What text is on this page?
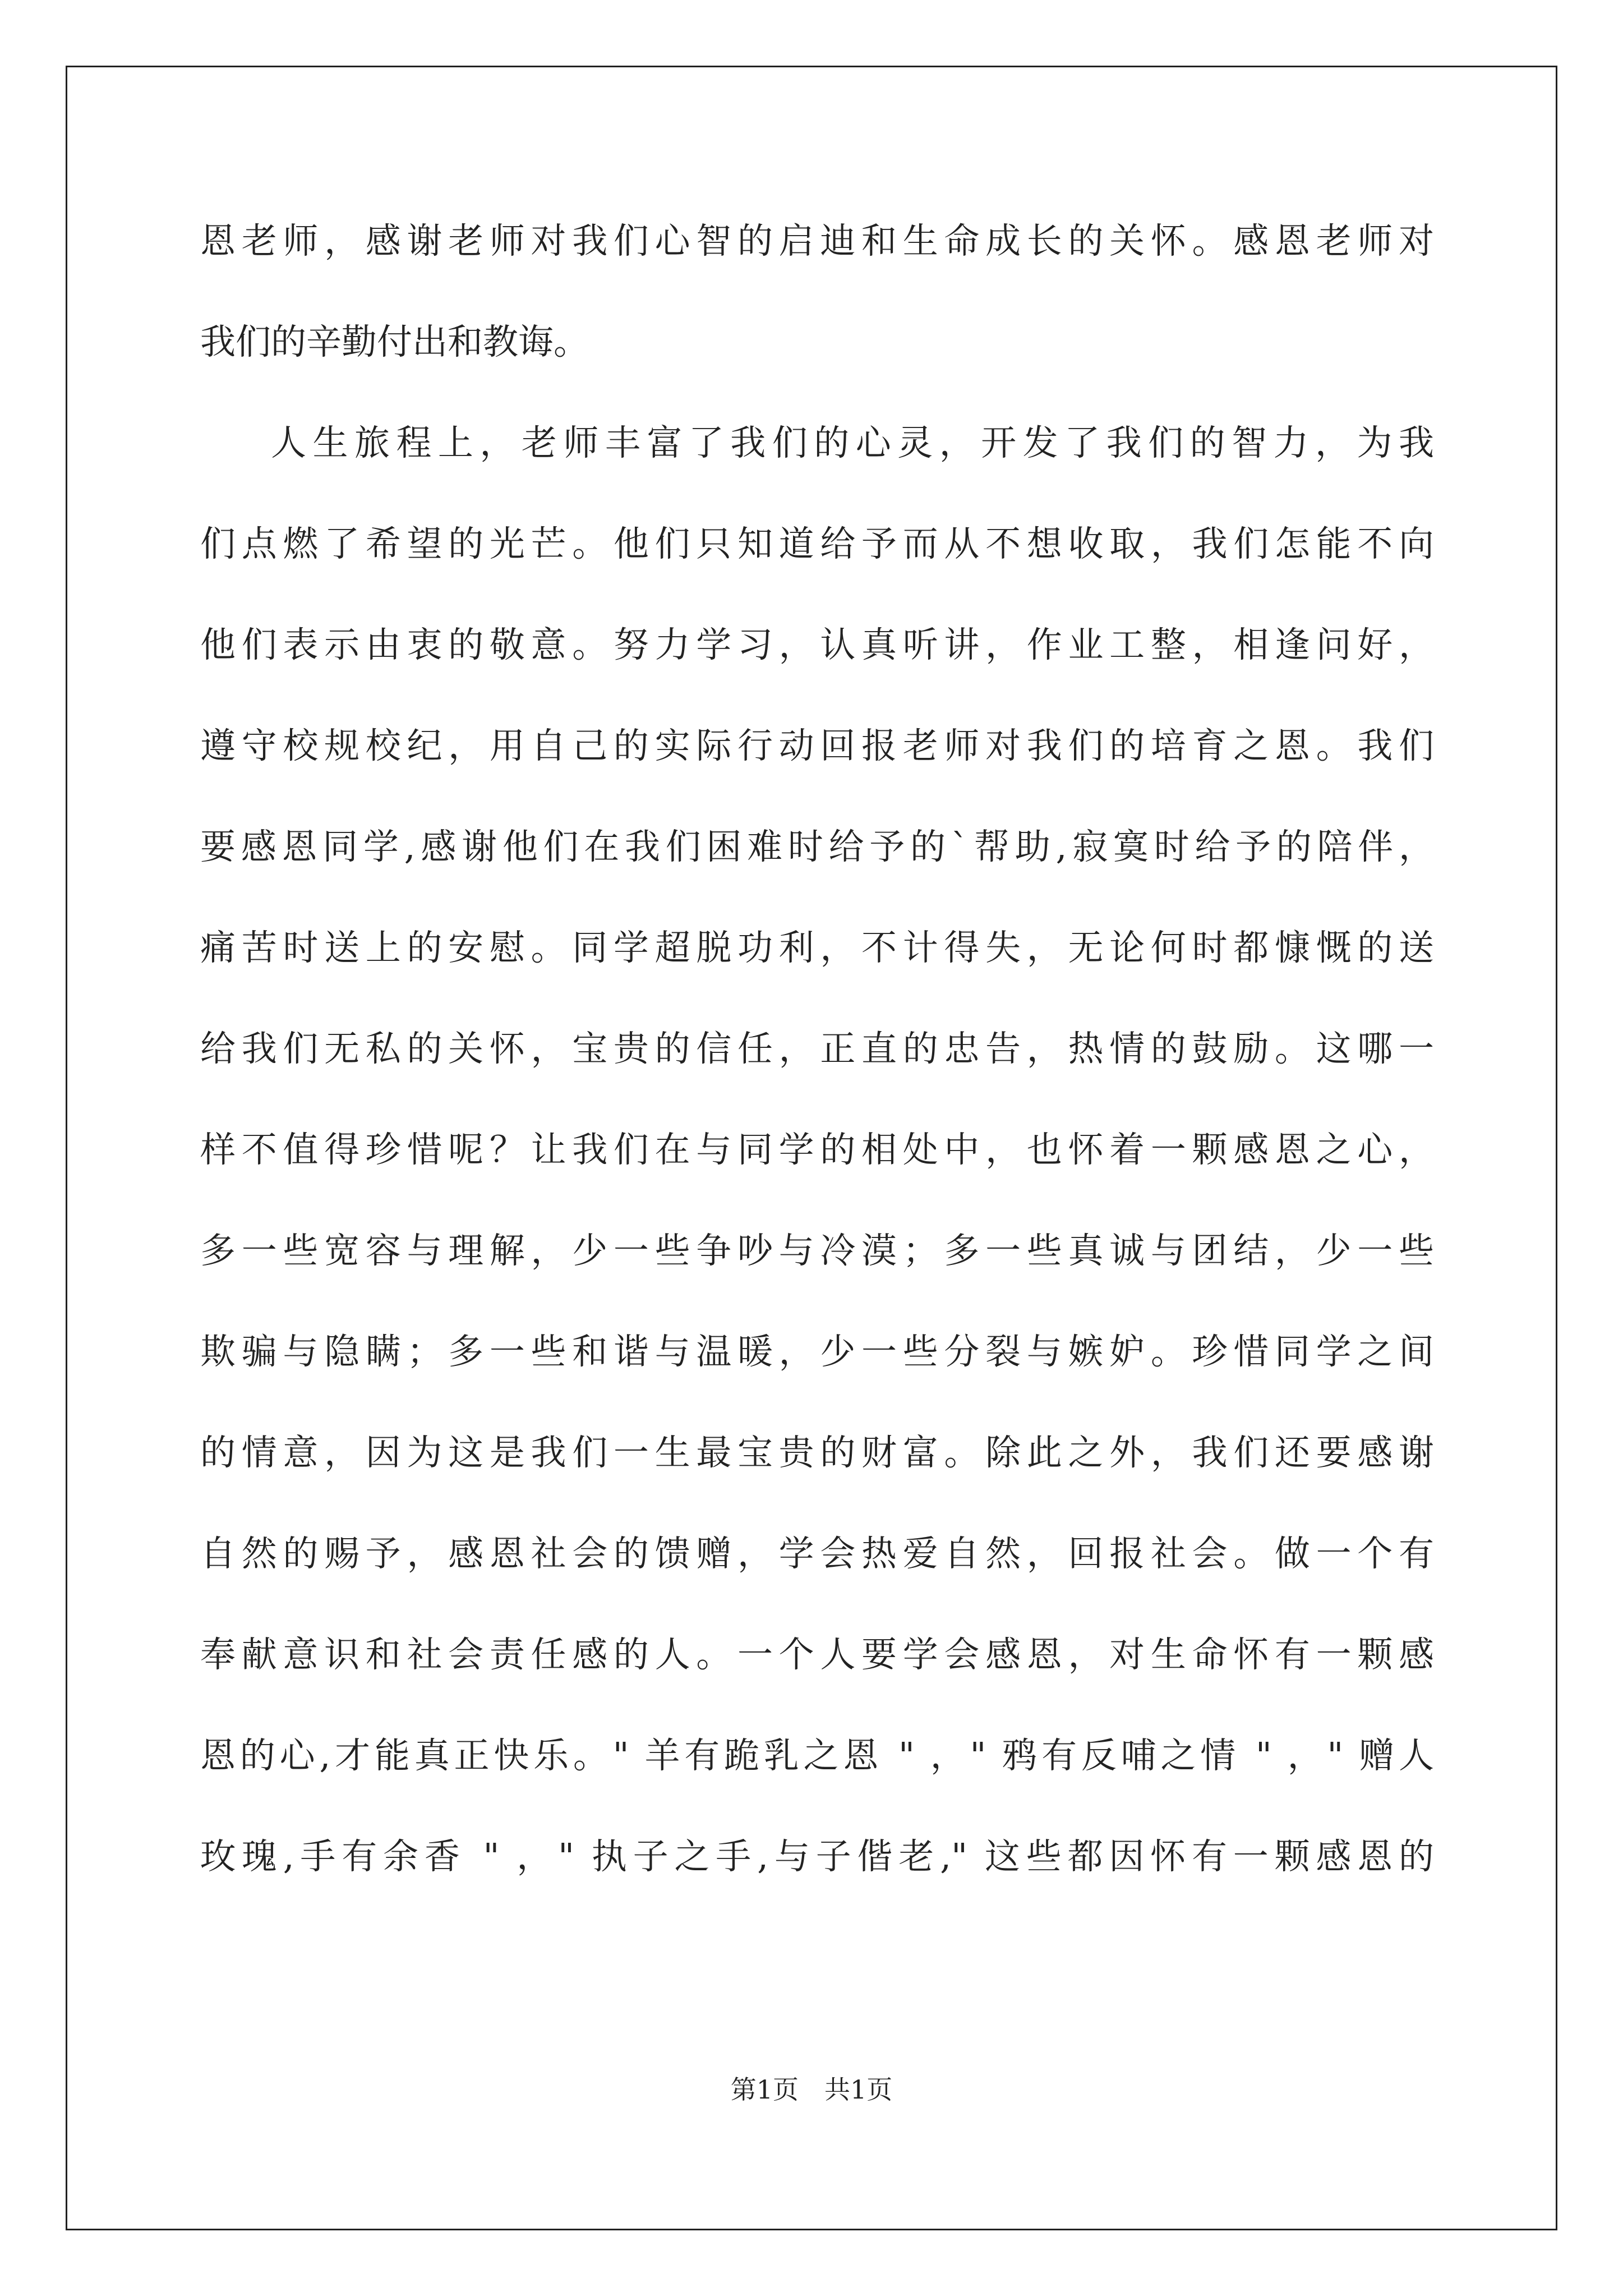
恩老师，感谢老师对我们心智的启迪和生命成长的关怀。感恩老师对
我们的辛勤付出和教诲。
人生旅程上，老师丰富了我们的心灵，开发了我们的智力，为我
们点燃了希望的光芒。他们只知道给予而从不想收取，我们怎能不向
他们表示由衷的敬意。努力学习，认真听讲，作业工整，相逢问好，
遵守校规校纪，用自己的实际行动回报老师对我们的培育之恩。我们
要感恩同学,感谢他们在我们困难时给予的`帮助,寂寞时给予的陪伴，
痛苦时送上的安慰。同学超脱功利，不计得失，无论何时都慷慨的送
给我们无私的关怀，宝贵的信任，正直的忠告，热情的鼓励。这哪一
样不值得珍惜呢？让我们在与同学的相处中，也怀着一颗感恩之心，
多一些宽容与理解，少一些争吵与冷漠；多一些真诚与团结，少一些
欺骗与隐瞒；多一些和谐与温暖，少一些分裂与嫉妒。珍惜同学之间
的情意，因为这是我们一生最宝贵的财富。除此之外，我们还要感谢
自然的赐予，感恩社会的馈赠，学会热爱自然，回报社会。做一个有
奉献意识和社会责任感的人。一个人要学会感恩，对生命怀有一颗感
恩的心,才能真正快乐。" 羊有跪乳之恩 " ，" 鸦有反哺之情 " ，" 赠人
玫瑰,手有余香 " ，" 执子之手,与子偕老," 这些都因怀有一颗感恩的
第1页　共1页
